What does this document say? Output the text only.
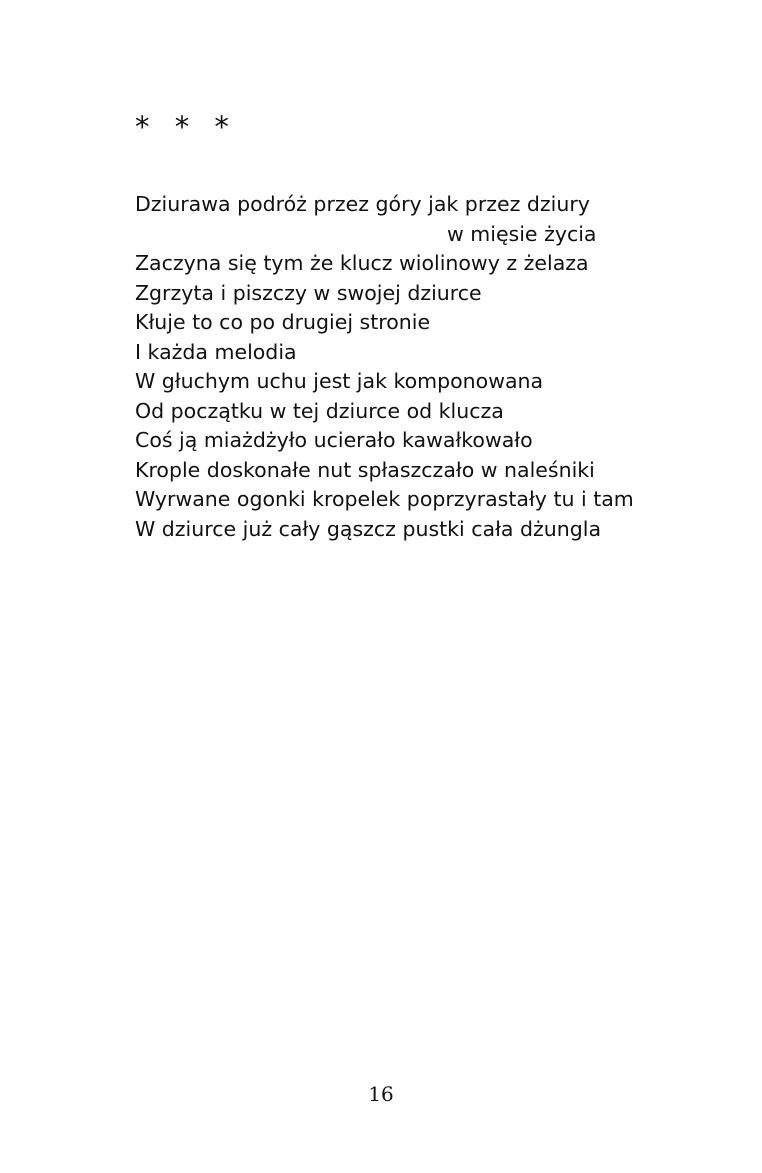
* * *
Dziurawa podróż przez góry jak przez dziury
w mięsie życia
Zaczyna się tym że klucz wiolinowy z żelaza
Zgrzyta i piszczy w swojej dziurce
Kłuje to co po drugiej stronie
I każda melodia
W głuchym uchu jest jak komponowana
Od początku w tej dziurce od klucza
Coś ją miażdżyło ucierało kawałkowało
Krople doskonałe nut spłaszczało w naleśniki
Wyrwane ogonki kropelek poprzyrastały tu i tam
W dziurce już cały gąszcz pustki cała dżungla
16
